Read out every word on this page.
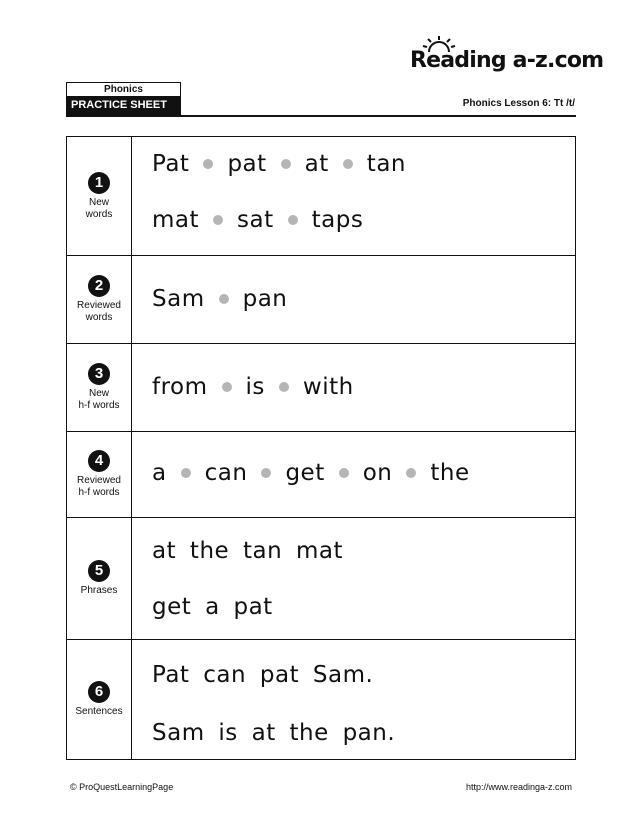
Reading a-z.com
Phonics
PRACTICE SHEET	Phonics Lesson 6: Tt /t/
1
New
words
Pat pat at tan
mat sat taps
2
Reviewed
words
Sam pan
3
New
h-f words
from is with
4
Reviewed
h-f words
a can get on the
5
Phrases
at the tan mat
get a pat
6
Sentences
Pat can pat Sam.
Sam is at the pan.
© ProQuestLearningPage	http://www.readinga-z.com
